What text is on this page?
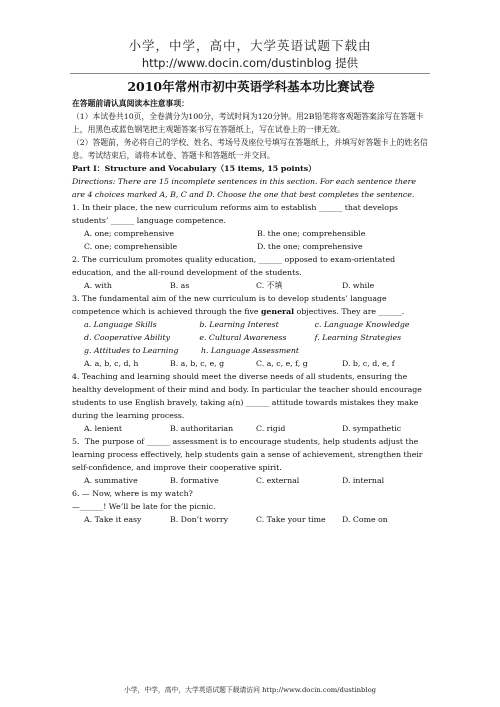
小学，中学，高中，大学英语试题下载由
http://www.docin.com/dustinblog 提供
2010年常州市初中英语学科基本功比赛试卷

在答题前请认真阅读本注意事项：

（1）本试卷共10页，全卷满分为100分，考试时间为120分钟。用2B铅笔将客观题答案涂写在答题卡上，用黑色或蓝色钢笔把主观题答案书写在答题纸上，写在试卷上的一律无效。

（2）答题前，务必将自己的学校、姓名、考场号及座位号填写在答题纸上，并填写好答题卡上的姓名信息。考试结束后，请将本试卷、答题卡和答题纸一并交回。

Part I：Structure and Vocabulary（15 items, 15 points）

Directions: There are 15 incomplete sentences in this section. For each sentence there are 4 choices marked A, B, C and D. Choose the one that best completes the sentence.

1. In their place, the new curriculum reforms aim to establish ______ that develops students’ ______ language competence.

A. one; comprehensive	B. the one; comprehensible
C. one; comprehensible	D. the one; comprehensive

2. The curriculum promotes quality education, ______ opposed to exam-orientated education, and the all-round development of the students.

A. with	B. as	C. 不填	D. while

3. The fundamental aim of the new curriculum is to develop students’ language competence which is achieved through the five general objectives. They are ______.

a. Language Skills	b. Learning Interest	c. Language Knowledge
d. Cooperative Ability	e. Cultural Awareness	f. Learning Strategies
g. Attitudes to Learning	h. Language Assessment
A. a, b, c, d, h	B. a, b, c, e, g	C. a, c, e, f, g	D. b, c, d, e, f

4. Teaching and learning should meet the diverse needs of all students, ensuring the healthy development of their mind and body. In particular the teacher should encourage students to use English bravely, taking a(n) ______ attitude towards mistakes they make during the learning process.

A. lenient	B. authoritarian	C. rigid	D. sympathetic

5．The purpose of ______ assessment is to encourage students, help students adjust the learning process effectively, help students gain a sense of achievement, strengthen their self-confidence, and improve their cooperative spirit.

A. summative	B. formative	C. external	D. internal

6. — Now, where is my watch?

—______! We’ll be late for the picnic.

A. Take it easy	B. Don’t worry	C. Take your time	D. Come on
小学，中学，高中，大学英语试题下载请访问 http://www.docin.com/dustinblog
